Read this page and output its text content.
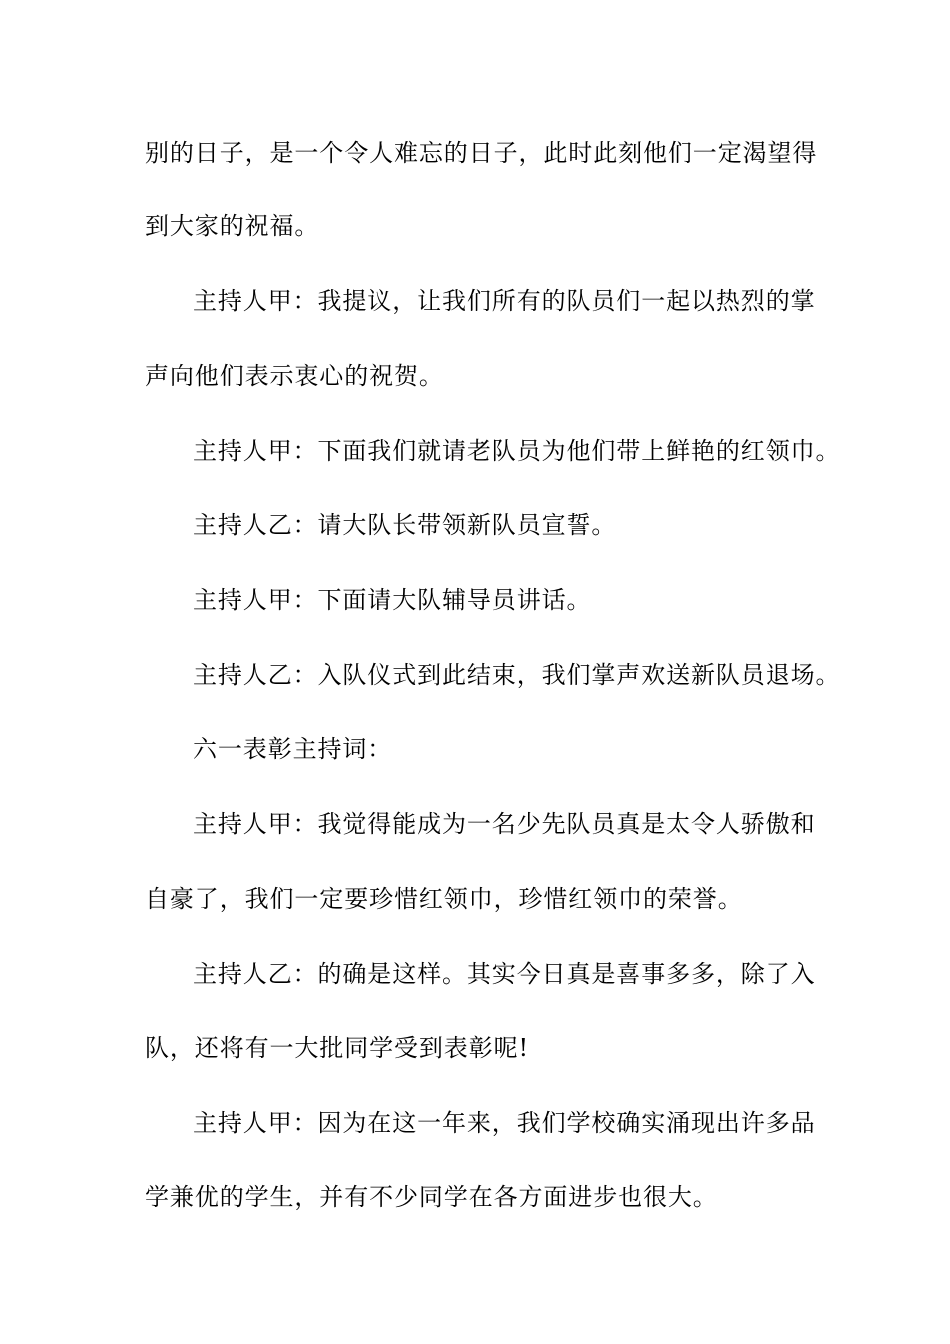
别的日子，是一个令人难忘的日子，此时此刻他们一定渴望得
到大家的祝福。
主持人甲：我提议，让我们所有的队员们一起以热烈的掌
声向他们表示衷心的祝贺。
主持人甲：下面我们就请老队员为他们带上鲜艳的红领巾。
主持人乙：请大队长带领新队员宣誓。
主持人甲：下面请大队辅导员讲话。
主持人乙：入队仪式到此结束，我们掌声欢送新队员退场。
六一表彰主持词：
主持人甲：我觉得能成为一名少先队员真是太令人骄傲和
自豪了，我们一定要珍惜红领巾，珍惜红领巾的荣誉。
主持人乙：的确是这样。其实今日真是喜事多多，除了入
队，还将有一大批同学受到表彰呢!
主持人甲：因为在这一年来，我们学校确实涌现出许多品
学兼优的学生，并有不少同学在各方面进步也很大。
